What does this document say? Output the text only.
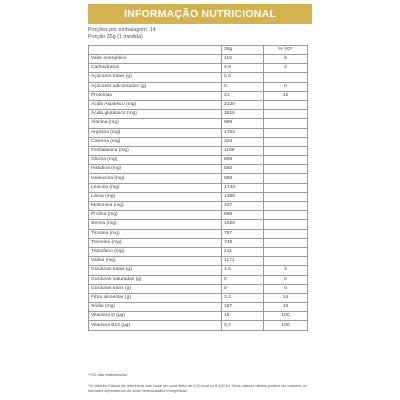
INFORMAÇÃO NUTRICIONAL
Porções por embalagem: 14
Porção 35g (1 medida)
	35g	% VD*
Valor energético	118	6
Carboidratos	4,6	2
Açúcares totais (g)	0,3	
Açúcares adicionados (g)	0	0
Proteínas	21	42
Ácido Aspártico (mg)	2130	
Ácido glutâmico (mg)	3615	
Alanina (mg)	989	
Arginina (mg)	1764	
Cisteína (mg)	323	
Fenilalanina (mg)	1169	
Glicina (mg)	806	
Histidina (mg)	560	
Isoleucina (mg)	988	
Leucina (mg)	1743	
Lisina (mg)	1359	
Metionina (mg)	337	
Prolina (mg)	898	
Serina (mg)	1029	
Tirosina (mg)	757	
Treonina (mg)	746	
Triptofano (mg)	211	
Valina (mg)	1171	
Gorduras totais (g)	1,6	3
Gorduras saturadas (g)	0	0
Gorduras trans (g)	0	0
Fibra alimentar (g)	3,4	14
Sódio (mg)	197	10
Vitamina D (µg)	15	100
Vitamina B12 (µg)	2,4	100
**VD não estabelecido
*% Valores Diários de referência com base em uma dieta de 2.00 kcal ou 8.400 kJ. Seus valores diários podem ser maiores ou menores dependendo de suas necessidades energéticas.
